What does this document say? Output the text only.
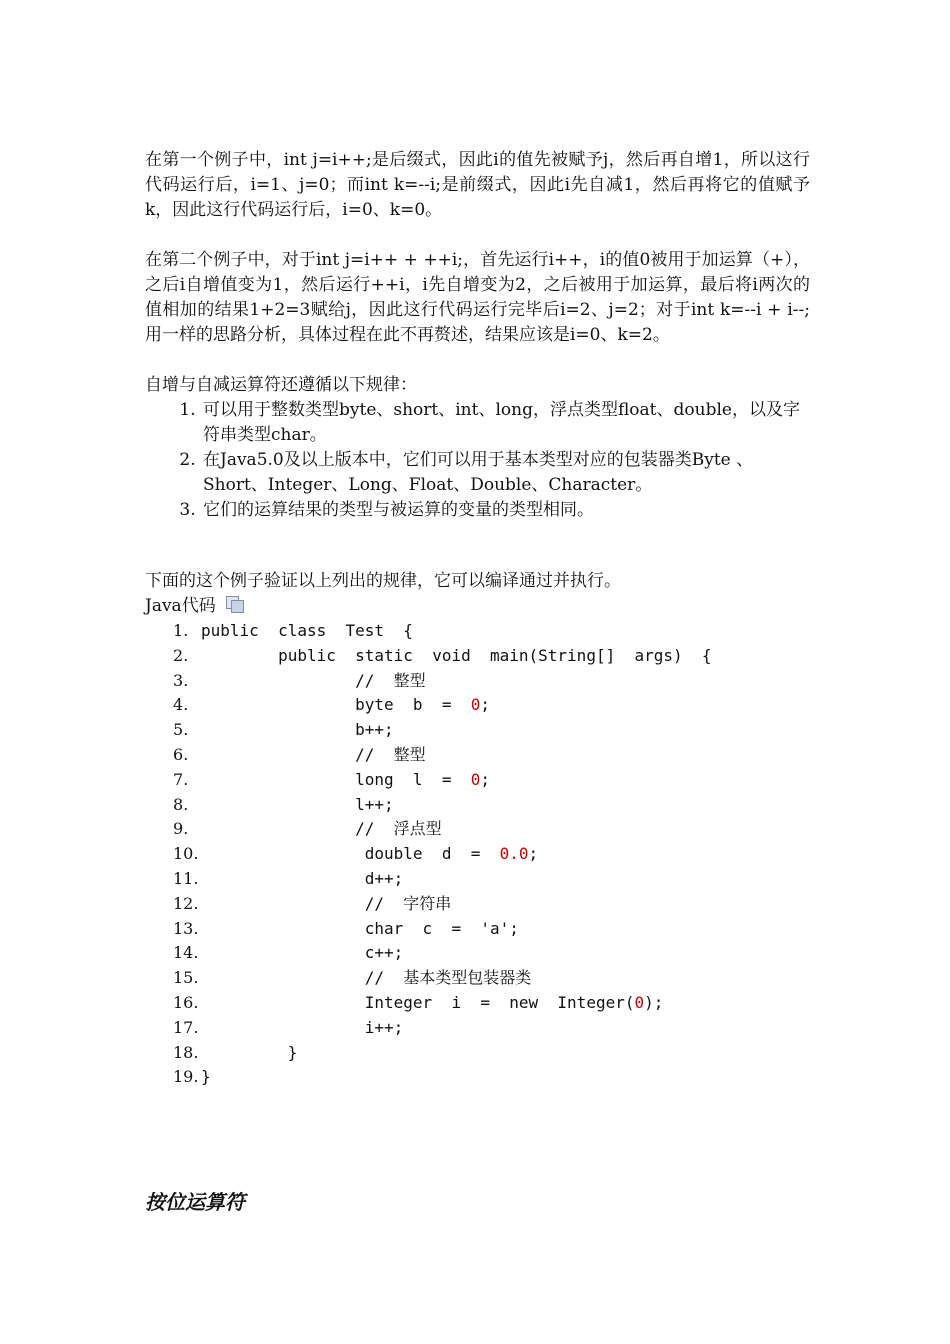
在第一个例子中，int j=i++;是后缀式，因此i的值先被赋予j，然后再自增1，所以这行代码运行后，i=1、j=0；而int k=--i;是前缀式，因此i先自减1，然后再将它的值赋予k，因此这行代码运行后，i=0、k=0。

在第二个例子中，对于int j=i++ + ++i;，首先运行i++，i的值0被用于加运算（+），之后i自增值变为1，然后运行++i，i先自增变为2，之后被用于加运算，最后将i两次的值相加的结果1+2=3赋给j，因此这行代码运行完毕后i=2、j=2；对于int k=--i + i--;用一样的思路分析，具体过程在此不再赘述，结果应该是i=0、k=2。

自增与自减运算符还遵循以下规律：

1. 可以用于整数类型byte、short、int、long，浮点类型float、double，以及字符串类型char。
2. 在Java5.0及以上版本中，它们可以用于基本类型对应的包装器类Byte 、Short、Integer、Long、Float、Double、Character。
3. 它们的运算结果的类型与被运算的变量的类型相同。

下面的这个例子验证以上列出的规律，它可以编译通过并执行。

Java代码
public  class  Test  {
public  static  void  main(String[]  args)  {
//  整型
byte  b  =  0;
b++;
//  整型
long  l  =  0;
l++;
//  浮点型
double  d  =  0.0;
d++;
//  字符串
char  c  =  'a';
c++;
//  基本类型包装器类
Integer  i  =  new  Integer(0);
i++;
}
}
按位运算符
